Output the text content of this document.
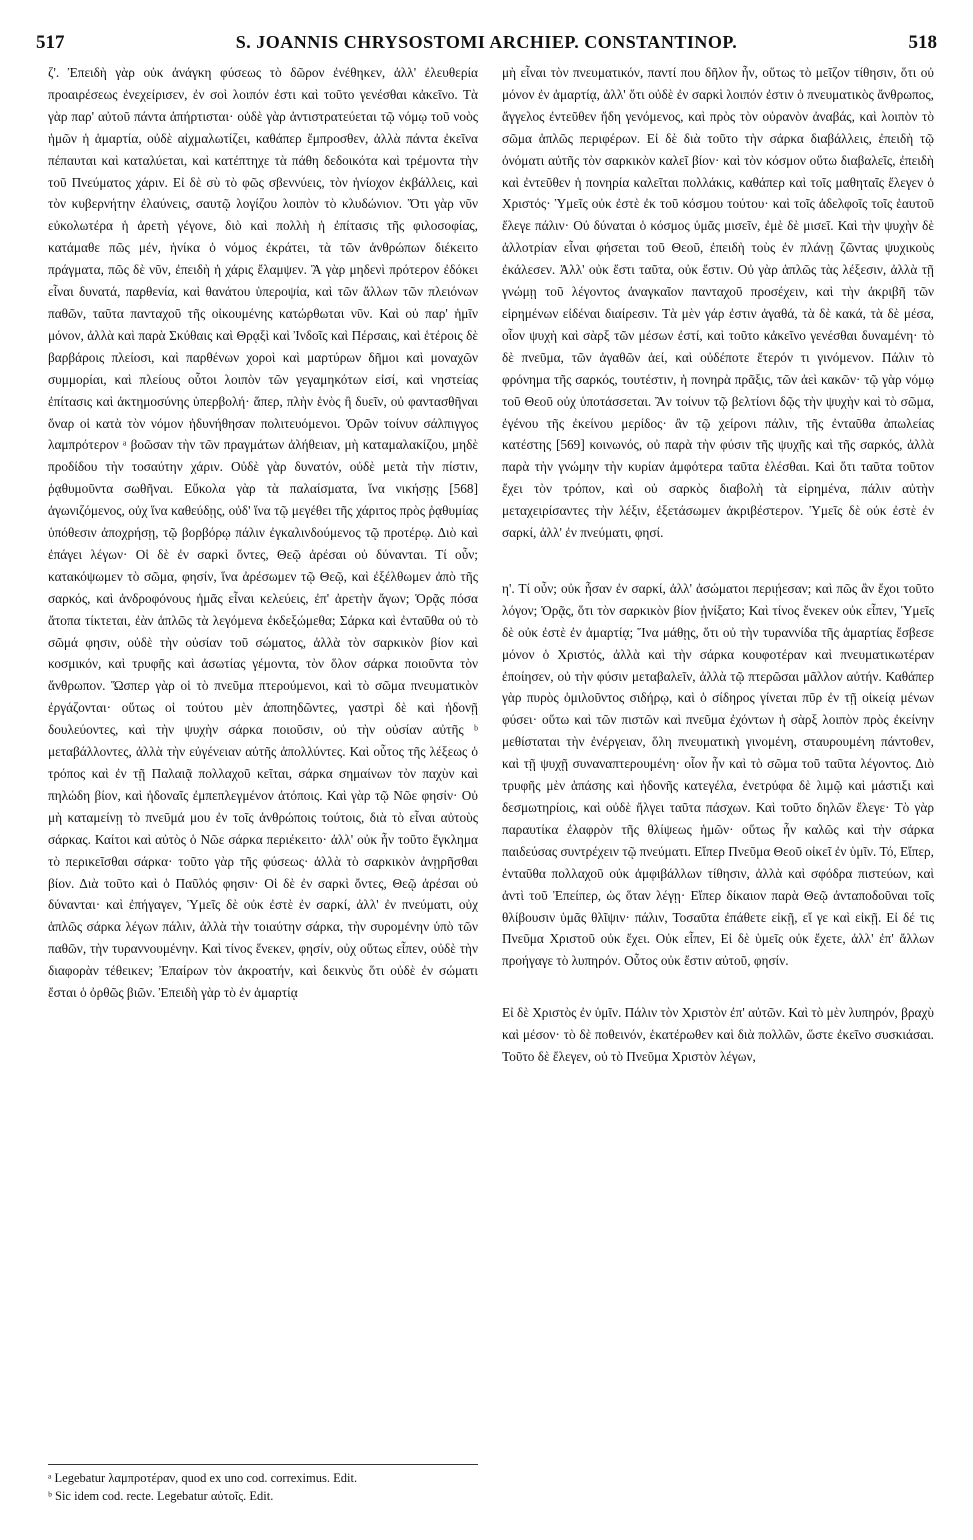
517	S. JOANNIS CHRYSOSTOMI ARCHIEP. CONSTANTINOP.	518

ζ'. Ἐπειδὴ γὰρ οὐκ ἀνάγκη φύσεως τὸ δῶρον ἐνέθηκεν, ἀλλ' ἐλευθερία προαιρέσεως ἐνεχείρισεν, ἐν σοὶ λοιπόν ἐστι καὶ τοῦτο γενέσθαι κἀκεῖνο. Τὰ γὰρ παρ' αὐτοῦ πάντα ἀπήρτισται· οὐδὲ γὰρ ἀντιστρατεύεται τῷ νόμῳ τοῦ νοὸς ἡμῶν ἡ ἁμαρτία, οὐδὲ αἰχμαλωτίζει, καθάπερ ἔμπροσθεν, ἀλλὰ πάντα ἐκεῖνα πέπαυται καὶ καταλύεται, καὶ κατέπτηχε τὰ πάθη δεδοικότα καὶ τρέμοντα τὴν τοῦ Πνεύματος χάριν. Εἰ δὲ σὺ τὸ φῶς σβεννύεις, τὸν ἡνίοχον ἐκβάλλεις, καὶ τὸν κυβερνήτην ἐλαύνεις, σαυτῷ λογίζου λοιπὸν τὸ κλυδώνιον. Ὅτι γὰρ νῦν εὐκολωτέρα ἡ ἀρετὴ γέγονε, διὸ καὶ πολλὴ ἡ ἐπίτασις τῆς φιλοσοφίας, κατάμαθε πῶς μέν, ἡνίκα ὁ νόμος ἐκράτει, τὰ τῶν ἀνθρώπων διέκειτο πράγματα, πῶς δὲ νῦν, ἐπειδὴ ἡ χάρις ἔλαμψεν. Ἃ γὰρ μηδενὶ πρότερον ἐδόκει εἶναι δυνατά, παρθενία, καὶ θανάτου ὑπεροψία, καὶ τῶν ἄλλων τῶν πλειόνων παθῶν, ταῦτα πανταχοῦ τῆς οἰκουμένης κατώρθωται νῦν. Καὶ οὐ παρ' ἡμῖν μόνον, ἀλλὰ καὶ παρὰ Σκύθαις καὶ Θρᾳξὶ καὶ Ἰνδοῖς καὶ Πέρσαις, καὶ ἑτέροις δὲ βαρβάροις πλείοσι, καὶ παρθένων χοροὶ καὶ μαρτύρων δῆμοι καὶ μοναχῶν συμμορίαι, καὶ πλείους οὗτοι λοιπὸν τῶν γεγαμηκότων εἰσί, καὶ νηστείας ἐπίτασις καὶ ἀκτημοσύνης ὑπερβολή· ἅπερ, πλὴν ἑνὸς ἢ δυεῖν, οὐ φαντασθῆναι ὄναρ οἱ κατὰ τὸν νόμον ἠδυνήθησαν πολιτευόμενοι. Ὁρῶν τοίνυν σάλπιγγος λαμπρότερον ᵃ βοῶσαν τὴν τῶν πραγμάτων ἀλήθειαν, μὴ καταμαλακίζου, μηδὲ προδίδου τὴν τοσαύτην χάριν. Οὐδὲ γὰρ δυνατόν, οὐδὲ μετὰ τὴν πίστιν, ῥᾳθυμοῦντα σωθῆναι. Εὔκολα γὰρ τὰ παλαίσματα, ἵνα νικήσῃς [568] ἀγωνιζόμενος, οὐχ ἵνα καθεύδῃς, οὐδ' ἵνα τῷ μεγέθει τῆς χάριτος πρὸς ῥᾳθυμίας ὑπόθεσιν ἀποχρήσῃ, τῷ βορβόρῳ πάλιν ἐγκαλινδούμενος τῷ προτέρῳ. Διὸ καὶ ἐπάγει λέγων· Οἱ δὲ ἐν σαρκὶ ὄντες, Θεῷ ἀρέσαι οὐ δύνανται. Τί οὖν; κατακόψωμεν τὸ σῶμα, φησίν, ἵνα ἀρέσωμεν τῷ Θεῷ, καὶ ἐξέλθωμεν ἀπὸ τῆς σαρκός, καὶ ἀνδροφόνους ἡμᾶς εἶναι κελεύεις, ἐπ' ἀρετὴν ἄγων; Ὁρᾷς πόσα ἄτοπα τίκτεται, ἐὰν ἁπλῶς τὰ λεγόμενα ἐκδεξώμεθα; Σάρκα καὶ ἐνταῦθα οὐ τὸ σῶμά φησιν, οὐδὲ τὴν οὐσίαν τοῦ σώματος, ἀλλὰ τὸν σαρκικὸν βίον καὶ κοσμικόν, καὶ τρυφῆς καὶ ἀσωτίας γέμοντα, τὸν ὅλον σάρκα ποιοῦντα τὸν ἄνθρωπον. Ὥσπερ γὰρ οἱ τὸ πνεῦμα πτερούμενοι, καὶ τὸ σῶμα πνευματικὸν ἐργάζονται· οὕτως οἱ τούτου μὲν ἀποπηδῶντες, γαστρὶ δὲ καὶ ἡδονῇ δουλεύοντες, καὶ τὴν ψυχὴν σάρκα ποιοῦσιν, οὐ τὴν οὐσίαν αὐτῆς ᵇ μεταβάλλοντες, ἀλλὰ τὴν εὐγένειαν αὐτῆς ἀπολλύντες. Καὶ οὗτος τῆς λέξεως ὁ τρόπος καὶ ἐν τῇ Παλαιᾷ πολλαχοῦ κεῖται, σάρκα σημαίνων τὸν παχὺν καὶ πηλώδη βίον, καὶ ἡδοναῖς ἐμπεπλεγμένον ἀτόποις. Καὶ γὰρ τῷ Νῶε φησίν· Οὐ μὴ καταμείνῃ τὸ πνεῦμά μου ἐν τοῖς ἀνθρώποις τούτοις, διὰ τὸ εἶναι αὐτοὺς σάρκας. Καίτοι καὶ αὐτὸς ὁ Νῶε σάρκα περιέκειτο· ἀλλ' οὐκ ἦν τοῦτο ἔγκλημα τὸ περικεῖσθαι σάρκα· τοῦτο γὰρ τῆς φύσεως· ἀλλὰ τὸ σαρκικὸν ἀνῃρῆσθαι βίον. Διὰ τοῦτο καὶ ὁ Παῦλός φησιν· Οἱ δὲ ἐν σαρκὶ ὄντες, Θεῷ ἀρέσαι οὐ δύνανται· καὶ ἐπήγαγεν, Ὑμεῖς δὲ οὐκ ἐστὲ ἐν σαρκί, ἀλλ' ἐν πνεύματι, οὐχ ἁπλῶς σάρκα λέγων πάλιν, ἀλλὰ τὴν τοιαύτην σάρκα, τὴν συρομένην ὑπὸ τῶν παθῶν, τὴν τυραννουμένην. Καὶ τίνος ἕνεκεν, φησίν, οὐχ οὕτως εἶπεν, οὐδὲ τὴν διαφορὰν τέθεικεν; Ἐπαίρων τὸν ἀκροατήν, καὶ δεικνὺς ὅτι οὐδὲ ἐν σώματι ἔσται ὁ ὀρθῶς βιῶν. Ἐπειδὴ γὰρ τὸ ἐν ἁμαρτίᾳ

μὴ εἶναι τὸν πνευματικόν, παντί που δῆλον ἦν, οὕτως τὸ μεῖζον τίθησιν, ὅτι οὐ μόνον ἐν ἁμαρτίᾳ, ἀλλ' ὅτι οὐδὲ ἐν σαρκὶ λοιπόν ἐστιν ὁ πνευματικὸς ἄνθρωπος, ἄγγελος ἐντεῦθεν ἤδη γενόμενος, καὶ πρὸς τὸν οὐρανὸν ἀναβάς, καὶ λοιπὸν τὸ σῶμα ἁπλῶς περιφέρων. Εἰ δὲ διὰ τοῦτο τὴν σάρκα διαβάλλεις, ἐπειδὴ τῷ ὀνόματι αὐτῆς τὸν σαρκικὸν καλεῖ βίον· καὶ τὸν κόσμον οὕτω διαβαλεῖς, ἐπειδὴ καὶ ἐντεῦθεν ἡ πονηρία καλεῖται πολλάκις, καθάπερ καὶ τοῖς μαθηταῖς ἔλεγεν ὁ Χριστός· Ὑμεῖς οὐκ ἐστὲ ἐκ τοῦ κόσμου τούτου· καὶ τοῖς ἀδελφοῖς τοῖς ἑαυτοῦ ἔλεγε πάλιν· Οὐ δύναται ὁ κόσμος ὑμᾶς μισεῖν, ἐμὲ δὲ μισεῖ. Καὶ τὴν ψυχὴν δὲ ἀλλοτρίαν εἶναι φήσεται τοῦ Θεοῦ, ἐπειδὴ τοὺς ἐν πλάνῃ ζῶντας ψυχικοὺς ἐκάλεσεν. Ἀλλ' οὐκ ἔστι ταῦτα, οὐκ ἔστιν. Οὐ γὰρ ἁπλῶς τὰς λέξεσιν, ἀλλὰ τῇ γνώμῃ τοῦ λέγοντος ἀναγκαῖον πανταχοῦ προσέχειν, καὶ τὴν ἀκριβῆ τῶν εἰρημένων εἰδέναι διαίρεσιν. Τὰ μὲν γάρ ἐστιν ἀγαθά, τὰ δὲ κακά, τὰ δὲ μέσα, οἷον ψυχὴ καὶ σὰρξ τῶν μέσων ἐστί, καὶ τοῦτο κἀκεῖνο γενέσθαι δυναμένη· τὸ δὲ πνεῦμα, τῶν ἀγαθῶν ἀεί, καὶ οὐδέποτε ἕτερόν τι γινόμενον. Πάλιν τὸ φρόνημα τῆς σαρκός, τουτέστιν, ἡ πονηρὰ πρᾶξις, τῶν ἀεὶ κακῶν· τῷ γὰρ νόμῳ τοῦ Θεοῦ οὐχ ὑποτάσσεται. Ἂν τοίνυν τῷ βελτίονι δῷς τὴν ψυχὴν καὶ τὸ σῶμα, ἐγένου τῆς ἐκείνου μερίδος· ἂν τῷ χείρονι πάλιν, τῆς ἐνταῦθα ἀπωλείας κατέστης [569] κοινωνός, οὐ παρὰ τὴν φύσιν τῆς ψυχῆς καὶ τῆς σαρκός, ἀλλὰ παρὰ τὴν γνώμην τὴν κυρίαν ἀμφότερα ταῦτα ἑλέσθαι. Καὶ ὅτι ταῦτα τοῦτον ἔχει τὸν τρόπον, καὶ οὐ σαρκὸς διαβολὴ τὰ εἰρημένα, πάλιν αὐτὴν μεταχειρίσαντες τὴν λέξιν, ἐξετάσωμεν ἀκριβέστερον. Ὑμεῖς δὲ οὐκ ἐστὲ ἐν σαρκί, ἀλλ' ἐν πνεύματι, φησί.

η'. Τί οὖν; οὐκ ἦσαν ἐν σαρκί, ἀλλ' ἀσώματοι περιῄεσαν; καὶ πῶς ἂν ἔχοι τοῦτο λόγον; Ὁρᾷς, ὅτι τὸν σαρκικὸν βίον ᾐνίξατο; Καὶ τίνος ἕνεκεν οὐκ εἶπεν, Ὑμεῖς δὲ οὐκ ἐστὲ ἐν ἁμαρτίᾳ; Ἵνα μάθῃς, ὅτι οὐ τὴν τυραννίδα τῆς ἁμαρτίας ἔσβεσε μόνον ὁ Χριστός, ἀλλὰ καὶ τὴν σάρκα κουφοτέραν καὶ πνευματικωτέραν ἐποίησεν, οὐ τὴν φύσιν μεταβαλεῖν, ἀλλὰ τῷ πτερῶσαι μᾶλλον αὐτήν. Καθάπερ γὰρ πυρὸς ὁμιλοῦντος σιδήρῳ, καὶ ὁ σίδηρος γίνεται πῦρ ἐν τῇ οἰκείᾳ μένων φύσει· οὕτω καὶ τῶν πιστῶν καὶ πνεῦμα ἐχόντων ἡ σὰρξ λοιπὸν πρὸς ἐκείνην μεθίσταται τὴν ἐνέργειαν, ὅλη πνευματικὴ γινομένη, σταυρουμένη πάντοθεν, καὶ τῇ ψυχῇ συναναπτερουμένη· οἷον ἦν καὶ τὸ σῶμα τοῦ ταῦτα λέγοντος. Διὸ τρυφῆς μὲν ἁπάσης καὶ ἡδονῆς κατεγέλα, ἐνετρύφα δὲ λιμῷ καὶ μάστιξι καὶ δεσμωτηρίοις, καὶ οὐδὲ ἤλγει ταῦτα πάσχων. Καὶ τοῦτο δηλῶν ἔλεγε· Τὸ γὰρ παραυτίκα ἐλαφρὸν τῆς θλίψεως ἡμῶν· οὕτως ἦν καλῶς καὶ τὴν σάρκα παιδεύσας συντρέχειν τῷ πνεύματι. Εἴπερ Πνεῦμα Θεοῦ οἰκεῖ ἐν ὑμῖν. Τό, Εἴπερ, ἐνταῦθα πολλαχοῦ οὐκ ἀμφιβάλλων τίθησιν, ἀλλὰ καὶ σφόδρα πιστεύων, καὶ ἀντὶ τοῦ Ἐπείπερ, ὡς ὅταν λέγῃ· Εἴπερ δίκαιον παρὰ Θεῷ ἀνταποδοῦναι τοῖς θλίβουσιν ὑμᾶς θλῖψιν· πάλιν, Τοσαῦτα ἐπάθετε εἰκῇ, εἴ γε καὶ εἰκῇ. Εἰ δέ τις Πνεῦμα Χριστοῦ οὐκ ἔχει. Οὐκ εἶπεν, Εἰ δὲ ὑμεῖς οὐκ ἔχετε, ἀλλ' ἐπ' ἄλλων προήγαγε τὸ λυπηρόν. Οὗτος οὐκ ἔστιν αὐτοῦ, φησίν.

Εἰ δὲ Χριστὸς ἐν ὑμῖν. Πάλιν τὸν Χριστὸν ἐπ' αὐτῶν. Καὶ τὸ μὲν λυπηρόν, βραχὺ καὶ μέσον· τὸ δὲ ποθεινόν, ἑκατέρωθεν καὶ διὰ πολλῶν, ὥστε ἐκεῖνο συσκιάσαι. Τοῦτο δὲ ἔλεγεν, οὐ τὸ Πνεῦμα Χριστὸν λέγων,

ᵃ Legebatur λαμπροτέραν, quod ex uno cod. correximus. Edit.
ᵇ Sic idem cod. recte. Legebatur αὐτοῖς. Edit.
